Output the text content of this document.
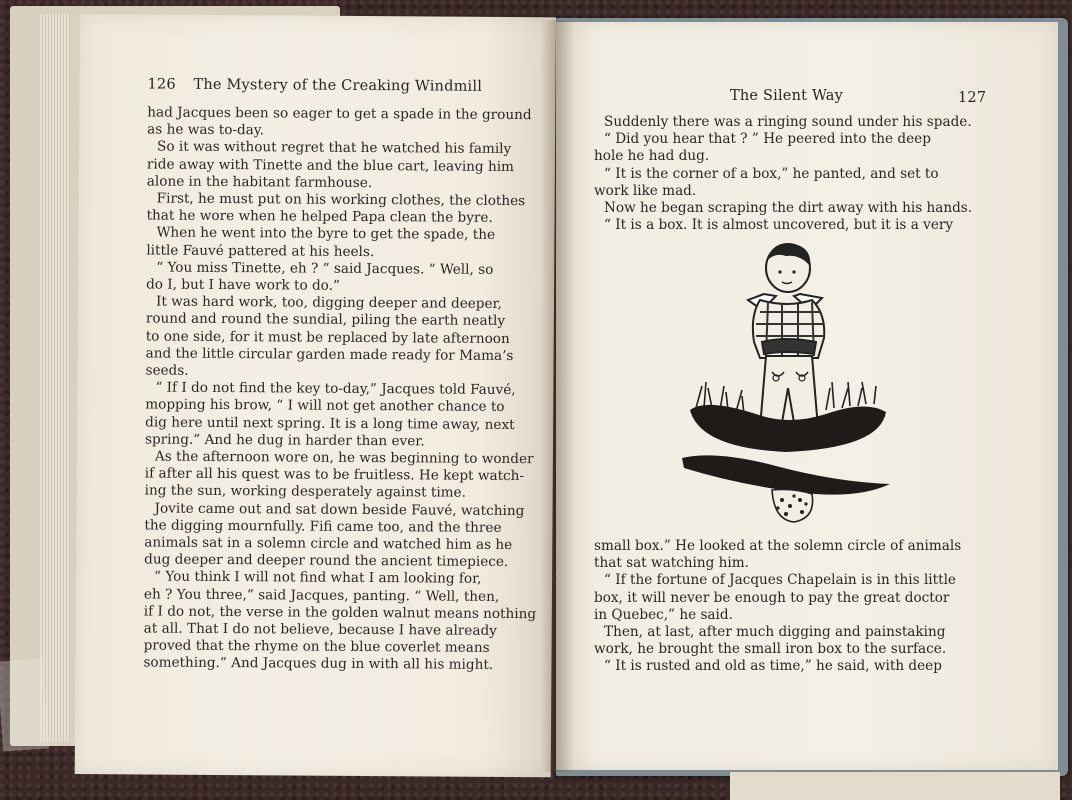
126 The Mystery of the Creaking Windmill
had Jacques been so eager to get a spade in the ground
as he was to-day.
So it was without regret that he watched his family
ride away with Tinette and the blue cart, leaving him
alone in the habitant farmhouse.
First, he must put on his working clothes, the clothes
that he wore when he helped Papa clean the byre.
When he went into the byre to get the spade, the
little Fauvé pattered at his heels.
“ You miss Tinette, eh ? ” said Jacques. “ Well, so
do I, but I have work to do.”
It was hard work, too, digging deeper and deeper,
round and round the sundial, piling the earth neatly
to one side, for it must be replaced by late afternoon
and the little circular garden made ready for Mama’s
seeds.
“ If I do not find the key to-day,” Jacques told Fauvé,
mopping his brow, “ I will not get another chance to
dig here until next spring. It is a long time away, next
spring.” And he dug in harder than ever.
As the afternoon wore on, he was beginning to wonder
if after all his quest was to be fruitless. He kept watch-
ing the sun, working desperately against time.
Jovite came out and sat down beside Fauvé, watching
the digging mournfully. Fifi came too, and the three
animals sat in a solemn circle and watched him as he
dug deeper and deeper round the ancient timepiece.
“ You think I will not find what I am looking for,
eh ? You three,” said Jacques, panting. “ Well, then,
if I do not, the verse in the golden walnut means nothing
at all. That I do not believe, because I have already
proved that the rhyme on the blue coverlet means
something.” And Jacques dug in with all his might.
The Silent Way	127
Suddenly there was a ringing sound under his spade.
“ Did you hear that ? ” He peered into the deep
hole he had dug.
“ It is the corner of a box,” he panted, and set to
work like mad.
Now he began scraping the dirt away with his hands.
“ It is a box. It is almost uncovered, but it is a very
small box.” He looked at the solemn circle of animals
that sat watching him.
“ If the fortune of Jacques Chapelain is in this little
box, it will never be enough to pay the great doctor
in Quebec,” he said.
Then, at last, after much digging and painstaking
work, he brought the small iron box to the surface.
“ It is rusted and old as time,” he said, with deep
